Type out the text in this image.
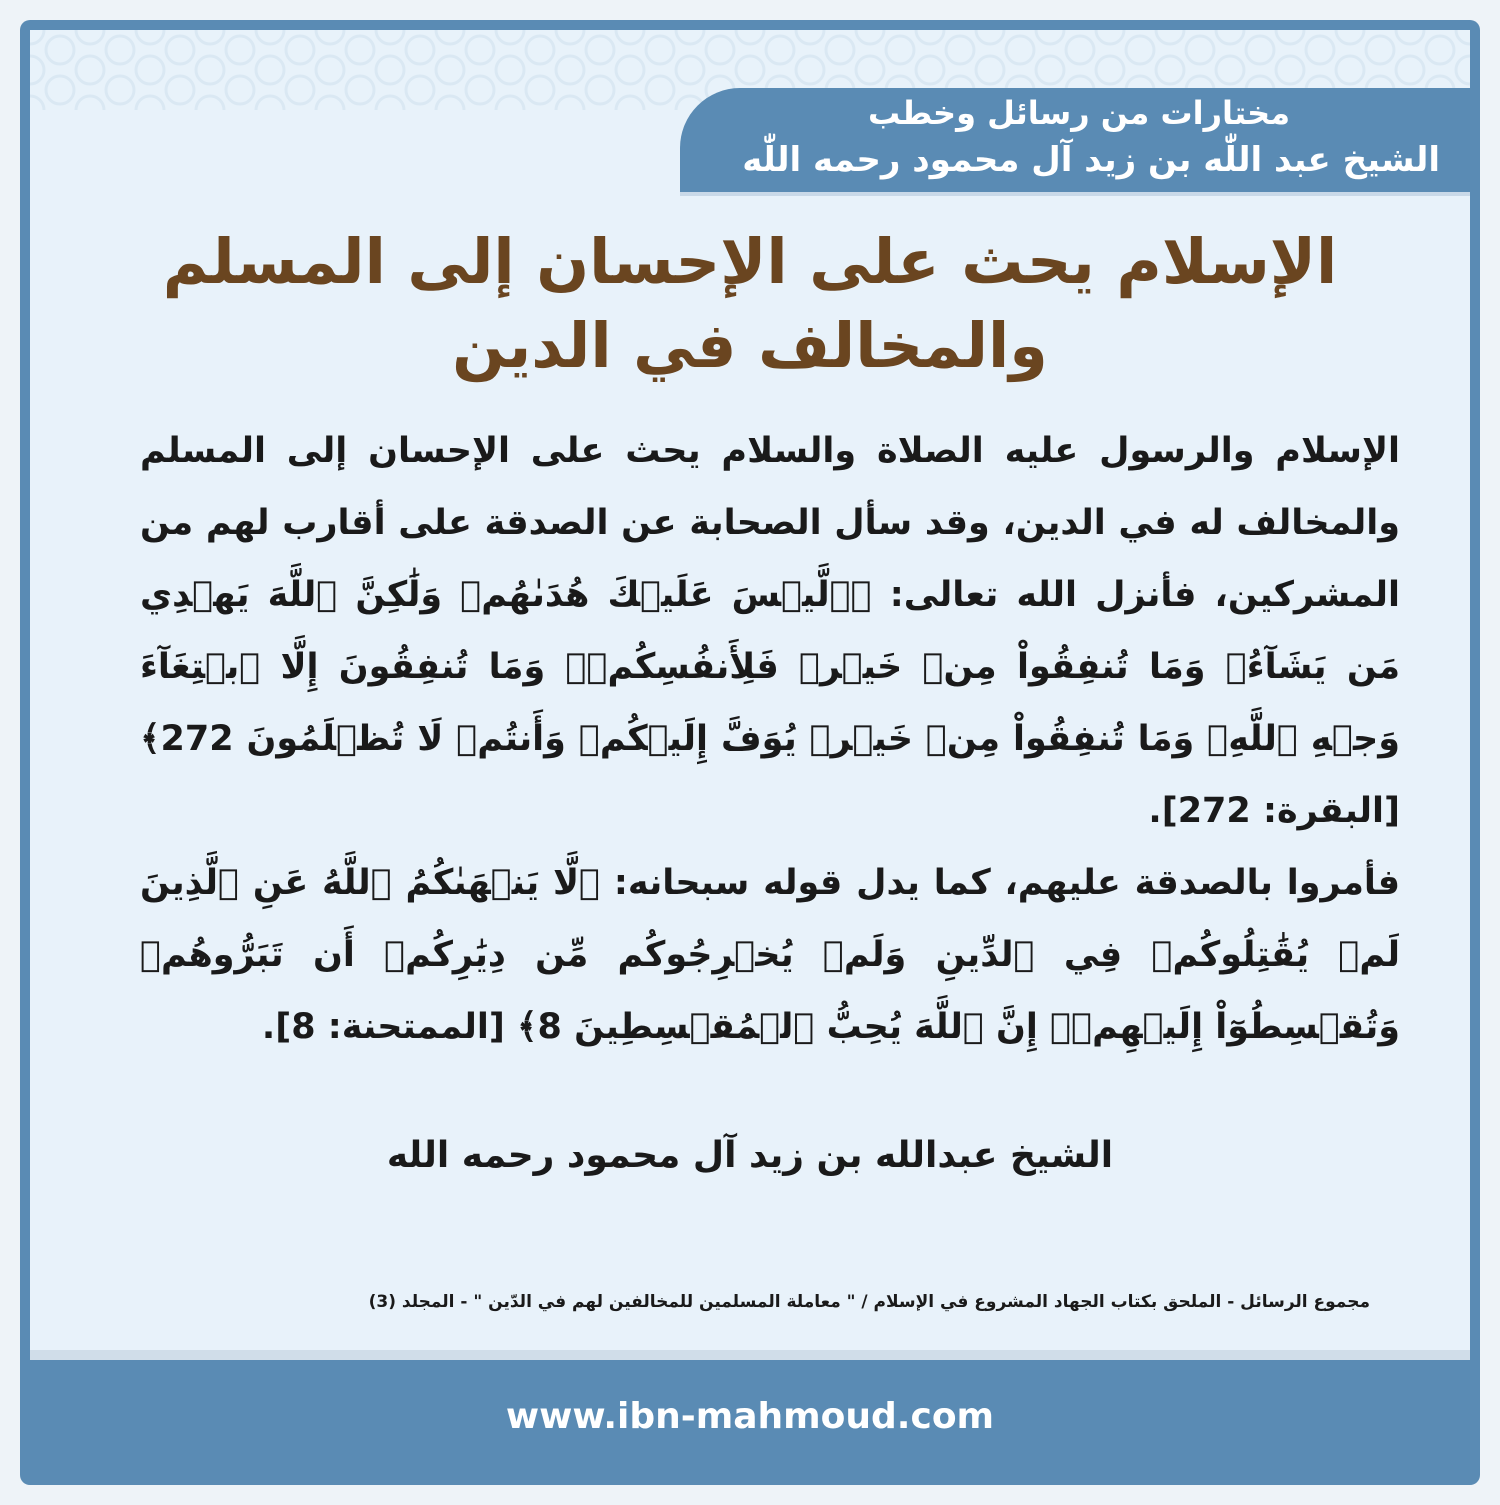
مختارات من رسائل وخطب
الشيخ عبد اللّٰه بن زيد آل محمود رحمه اللّٰه
الإسلام يحث على الإحسان إلى المسلم والمخالف في الدين

الإسلام والرسول عليه الصلاة والسلام يحث على الإحسان إلى المسلم والمخالف له في الدين، وقد سأل الصحابة عن الصدقة على أقارب لهم من المشركين، فأنزل الله تعالى: ﴿۞لَّيۡسَ عَلَيۡكَ هُدَىٰهُمۡ وَلَٰكِنَّ ٱللَّهَ يَهۡدِي مَن يَشَآءُۗ وَمَا تُنفِقُواْ مِنۡ خَيۡرٖ فَلِأَنفُسِكُمۡۚ وَمَا تُنفِقُونَ إِلَّا ٱبۡتِغَآءَ وَجۡهِ ٱللَّهِۚ وَمَا تُنفِقُواْ مِنۡ خَيۡرٖ يُوَفَّ إِلَيۡكُمۡ وَأَنتُمۡ لَا تُظۡلَمُونَ 272﴾ [البقرة: 272].

فأمروا بالصدقة عليهم، كما يدل قوله سبحانه: ﴿لَّا يَنۡهَىٰكُمُ ٱللَّهُ عَنِ ٱلَّذِينَ لَمۡ يُقَٰتِلُوكُمۡ فِي ٱلدِّينِ وَلَمۡ يُخۡرِجُوكُم مِّن دِيَٰرِكُمۡ أَن تَبَرُّوهُمۡ وَتُقۡسِطُوٓاْ إِلَيۡهِمۡۚ إِنَّ ٱللَّهَ يُحِبُّ ٱلۡمُقۡسِطِينَ 8﴾ [الممتحنة: 8].

الشيخ عبدالله بن زيد آل محمود رحمه الله
مجموع الرسائل - الملحق بكتاب الجهاد المشروع في الإسلام / " معاملة المسلمين للمخالفين لهم في الدّين " - المجلد (3)
www.ibn-mahmoud.com
